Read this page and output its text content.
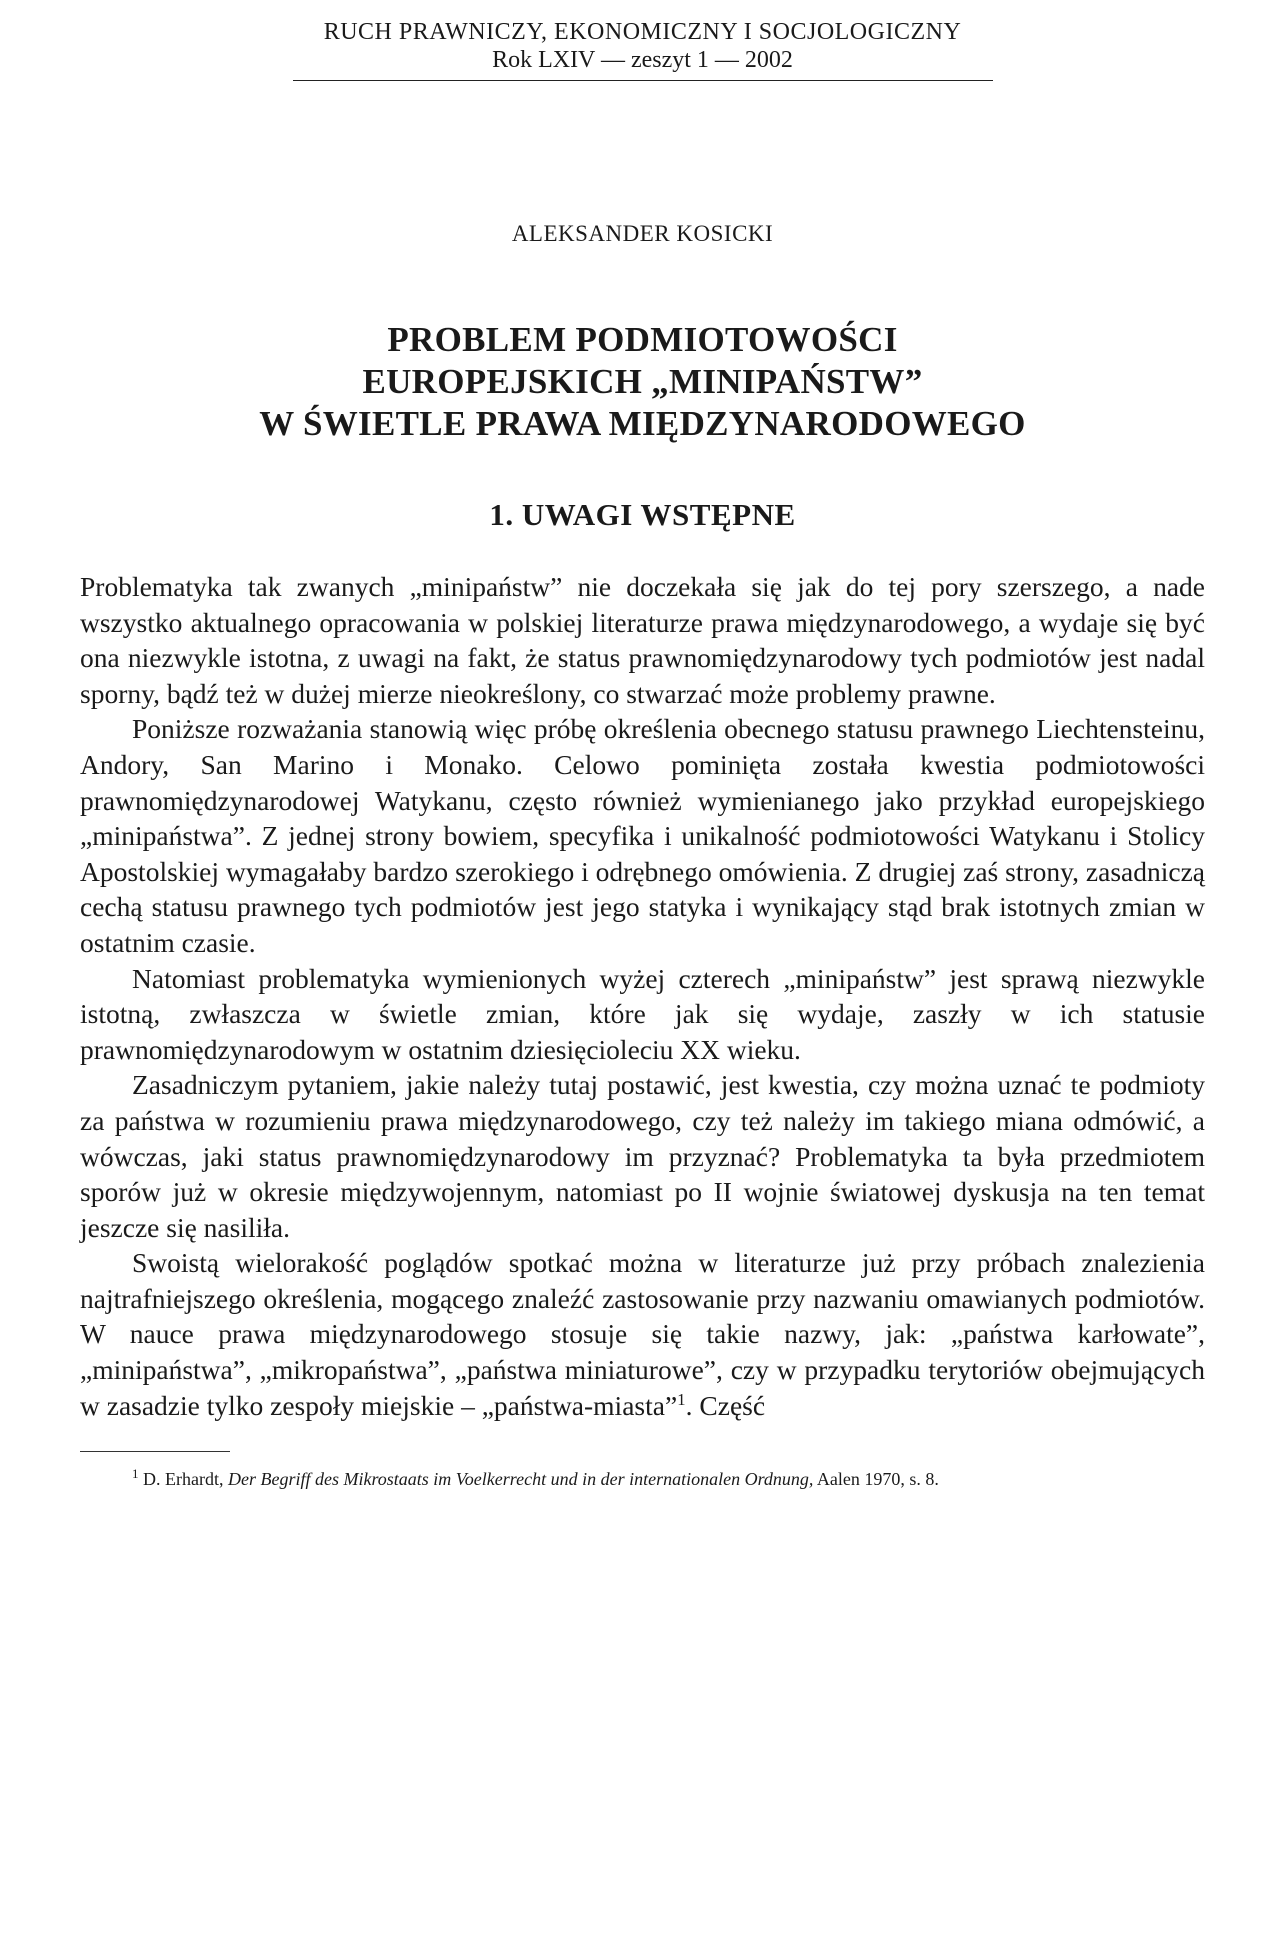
RUCH PRAWNICZY, EKONOMICZNY I SOCJOLOGICZNY
Rok LXIV — zeszyt 1 — 2002
ALEKSANDER KOSICKI
PROBLEM PODMIOTOWOŚCI
EUROPEJSKICH „MINIPAŃSTW”
W ŚWIETLE PRAWA MIĘDZYNARODOWEGO
1. UWAGI WSTĘPNE

Problematyka tak zwanych „minipaństw” nie doczekała się jak do tej pory szerszego, a nade wszystko aktualnego opracowania w polskiej literaturze prawa międzynarodowego, a wydaje się być ona niezwykle istotna, z uwagi na fakt, że status prawnomiędzynarodowy tych podmiotów jest nadal sporny, bądź też w dużej mierze nieokreślony, co stwarzać może problemy prawne.

Poniższe rozważania stanowią więc próbę określenia obecnego statusu prawnego Liechtensteinu, Andory, San Marino i Monako. Celowo pominięta została kwestia podmiotowości prawnomiędzynarodowej Watykanu, często również wymienianego jako przykład europejskiego „minipaństwa”. Z jednej strony bowiem, specyfika i unikalność podmiotowości Watykanu i Stolicy Apostolskiej wymagałaby bardzo szerokiego i odrębnego omówienia. Z drugiej zaś strony, zasadniczą cechą statusu prawnego tych podmiotów jest jego statyka i wynikający stąd brak istotnych zmian w ostatnim czasie.

Natomiast problematyka wymienionych wyżej czterech „minipaństw” jest sprawą niezwykle istotną, zwłaszcza w świetle zmian, które jak się wydaje, zaszły w ich statusie prawnomiędzynarodowym w ostatnim dziesięcioleciu XX wieku.

Zasadniczym pytaniem, jakie należy tutaj postawić, jest kwestia, czy można uznać te podmioty za państwa w rozumieniu prawa międzynarodowego, czy też należy im takiego miana odmówić, a wówczas, jaki status prawnomiędzynarodowy im przyznać? Problematyka ta była przedmiotem sporów już w okresie międzywojennym, natomiast po II wojnie światowej dyskusja na ten temat jeszcze się nasiliła.

Swoistą wielorakość poglądów spotkać można w literaturze już przy próbach znalezienia najtrafniejszego określenia, mogącego znaleźć zastosowanie przy nazwaniu omawianych podmiotów. W nauce prawa międzynarodowego stosuje się takie nazwy, jak: „państwa karłowate”, „minipaństwa”, „mikropaństwa”, „państwa miniaturowe”, czy w przypadku terytoriów obejmujących w zasadzie tylko zespoły miejskie – „państwa-miasta”$^1$. Część

$^1$ D. Erhardt, Der Begriff des Mikrostaats im Voelkerrecht und in der internationalen Ordnung, Aalen 1970, s. 8.
